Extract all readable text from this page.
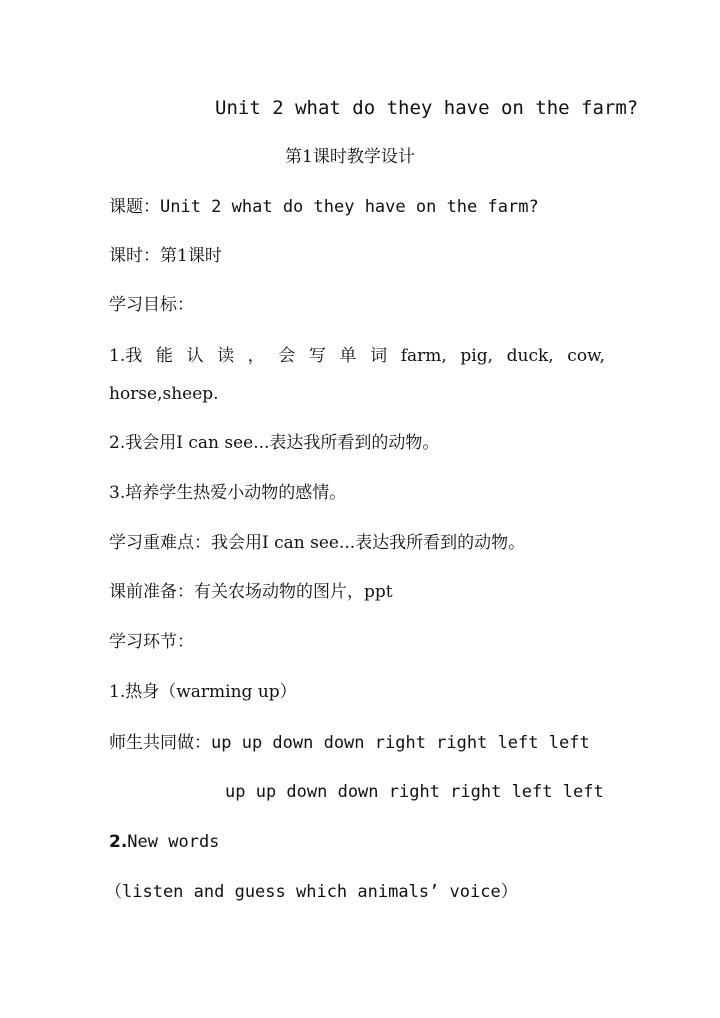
Unit 2 what do they have on the farm?
第1课时教学设计
课题：Unit 2 what do they have on the farm?
课时：第1课时
学习目标：
1.我 能 认 读 ， 会 写 单 词 farm, pig, duck, cow,
horse,sheep.
2.我会用I can see...表达我所看到的动物。
3.培养学生热爱小动物的感情。
学习重难点：我会用I can see...表达我所看到的动物。
课前准备：有关农场动物的图片，ppt
学习环节：
1.热身（warming up）
师生共同做：up up down down right right left left
up up down down right right left left
2.New words
（listen and guess which animals’ voice）
